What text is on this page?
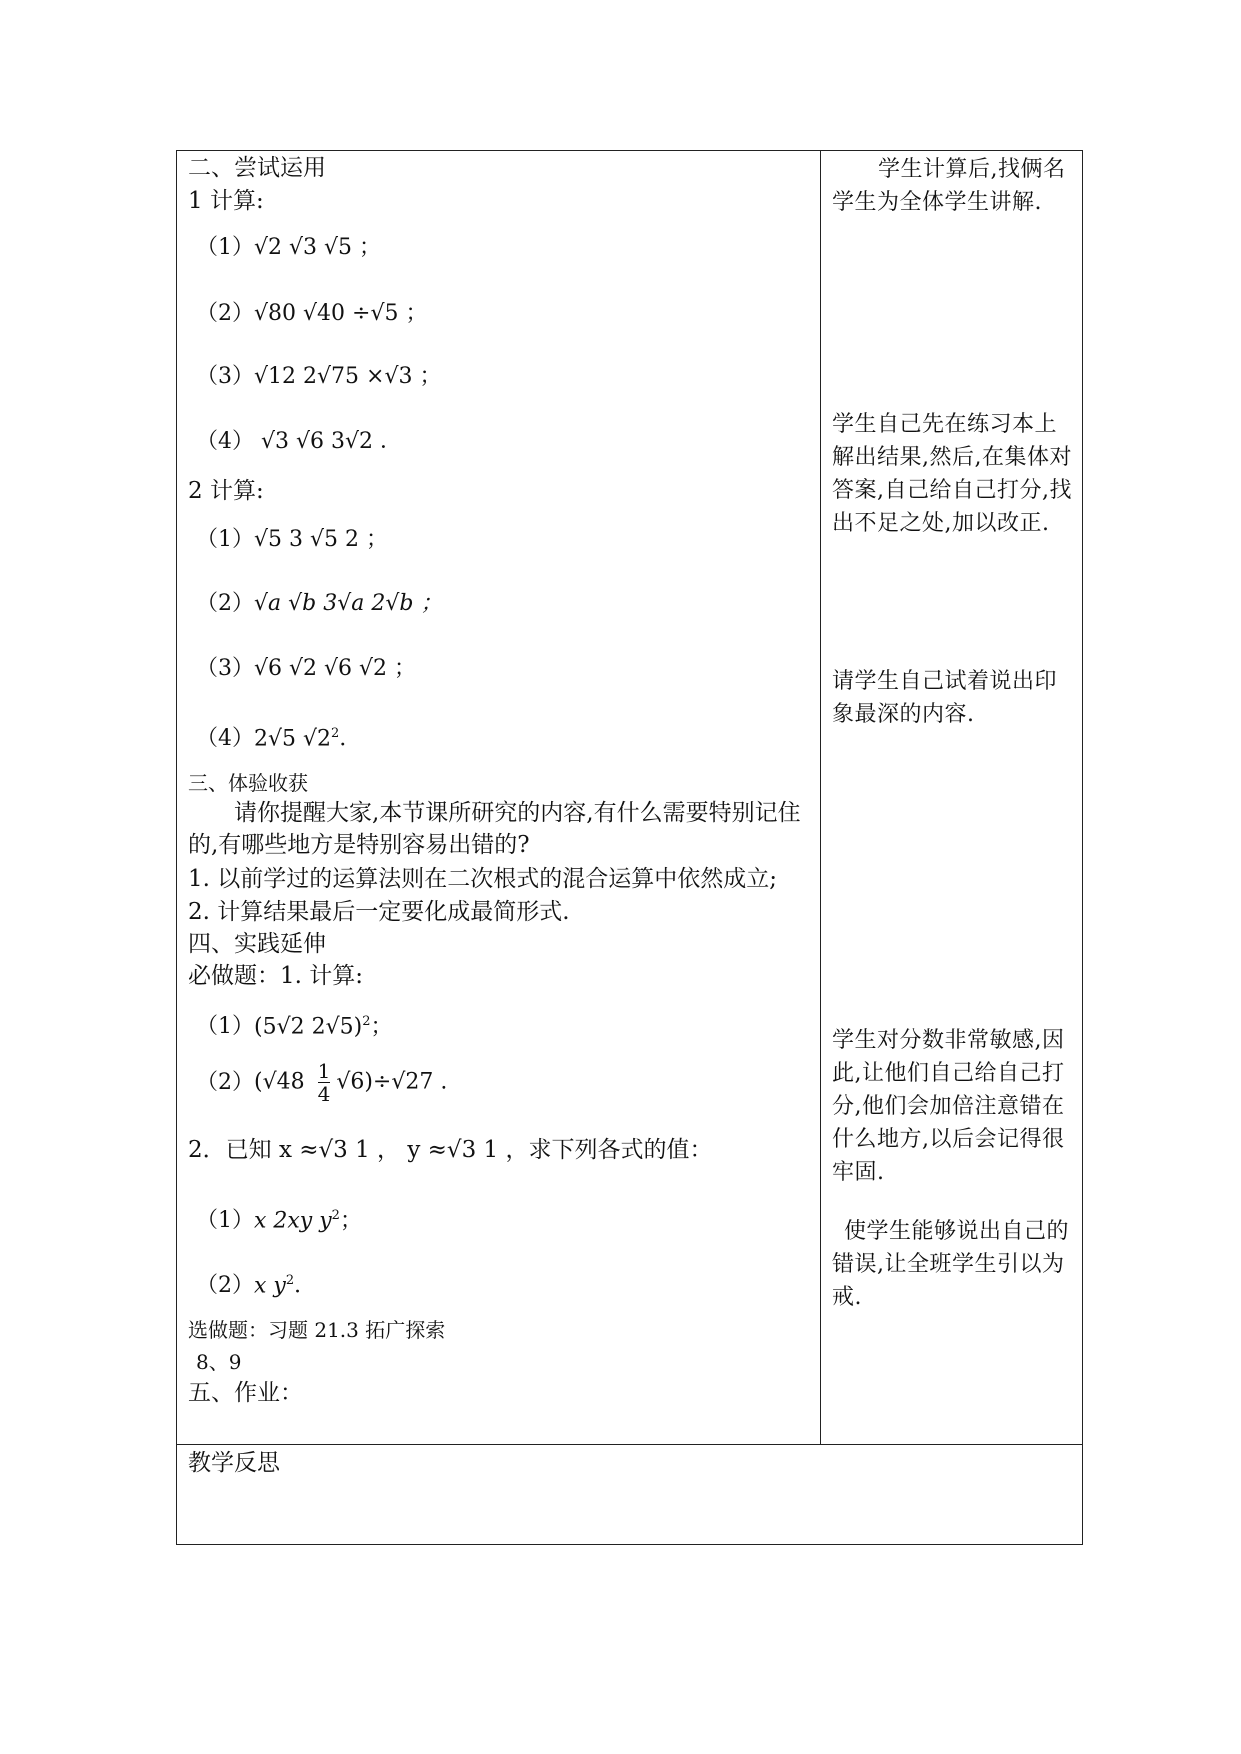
二、尝试运用
1 计算:
（1）√2 √3 √5 ；
（2）√80 √40 ÷√5 ；
（3）√12 2√75 ×√3 ；
（4） √3 √6 3√2 ．
2 计算:
（1）√5 3 √5 2 ；
（2）√a √b 3√a 2√b ；
（3）√6 √2 √6 √2 ；
（4）2√5 $√2^2$．
三、体验收获
请你提醒大家,本节课所研究的内容,有什么需要特别记住的,有哪些地方是特别容易出错的?
1. 以前学过的运算法则在二次根式的混合运算中依然成立;
2. 计算结果最后一定要化成最简形式.
四、实践延伸
必做题：1. 计算:
（1）(5√2 2√5)$^2$；
$(2)(√48 \frac{1}{4} √6)\div√27$ .
2．已知 x ≈√3 1 ， y ≈√3 1 ，求下列各式的值：
（1）x 2xy $y^2$；
（2）x $y^2$．
选做题：习题 21.3 拓广探索
8、9
五、作业：
学生计算后,找俩名学生为全体学生讲解.
学生自己先在练习本上解出结果,然后,在集体对答案,自己给自己打分,找出不足之处,加以改正.
请学生自己试着说出印象最深的内容.
学生对分数非常敏感,因此,让他们自己给自己打分,他们会加倍注意错在什么地方,以后会记得很牢固.
使学生能够说出自己的错误,让全班学生引以为戒.
教学反思
